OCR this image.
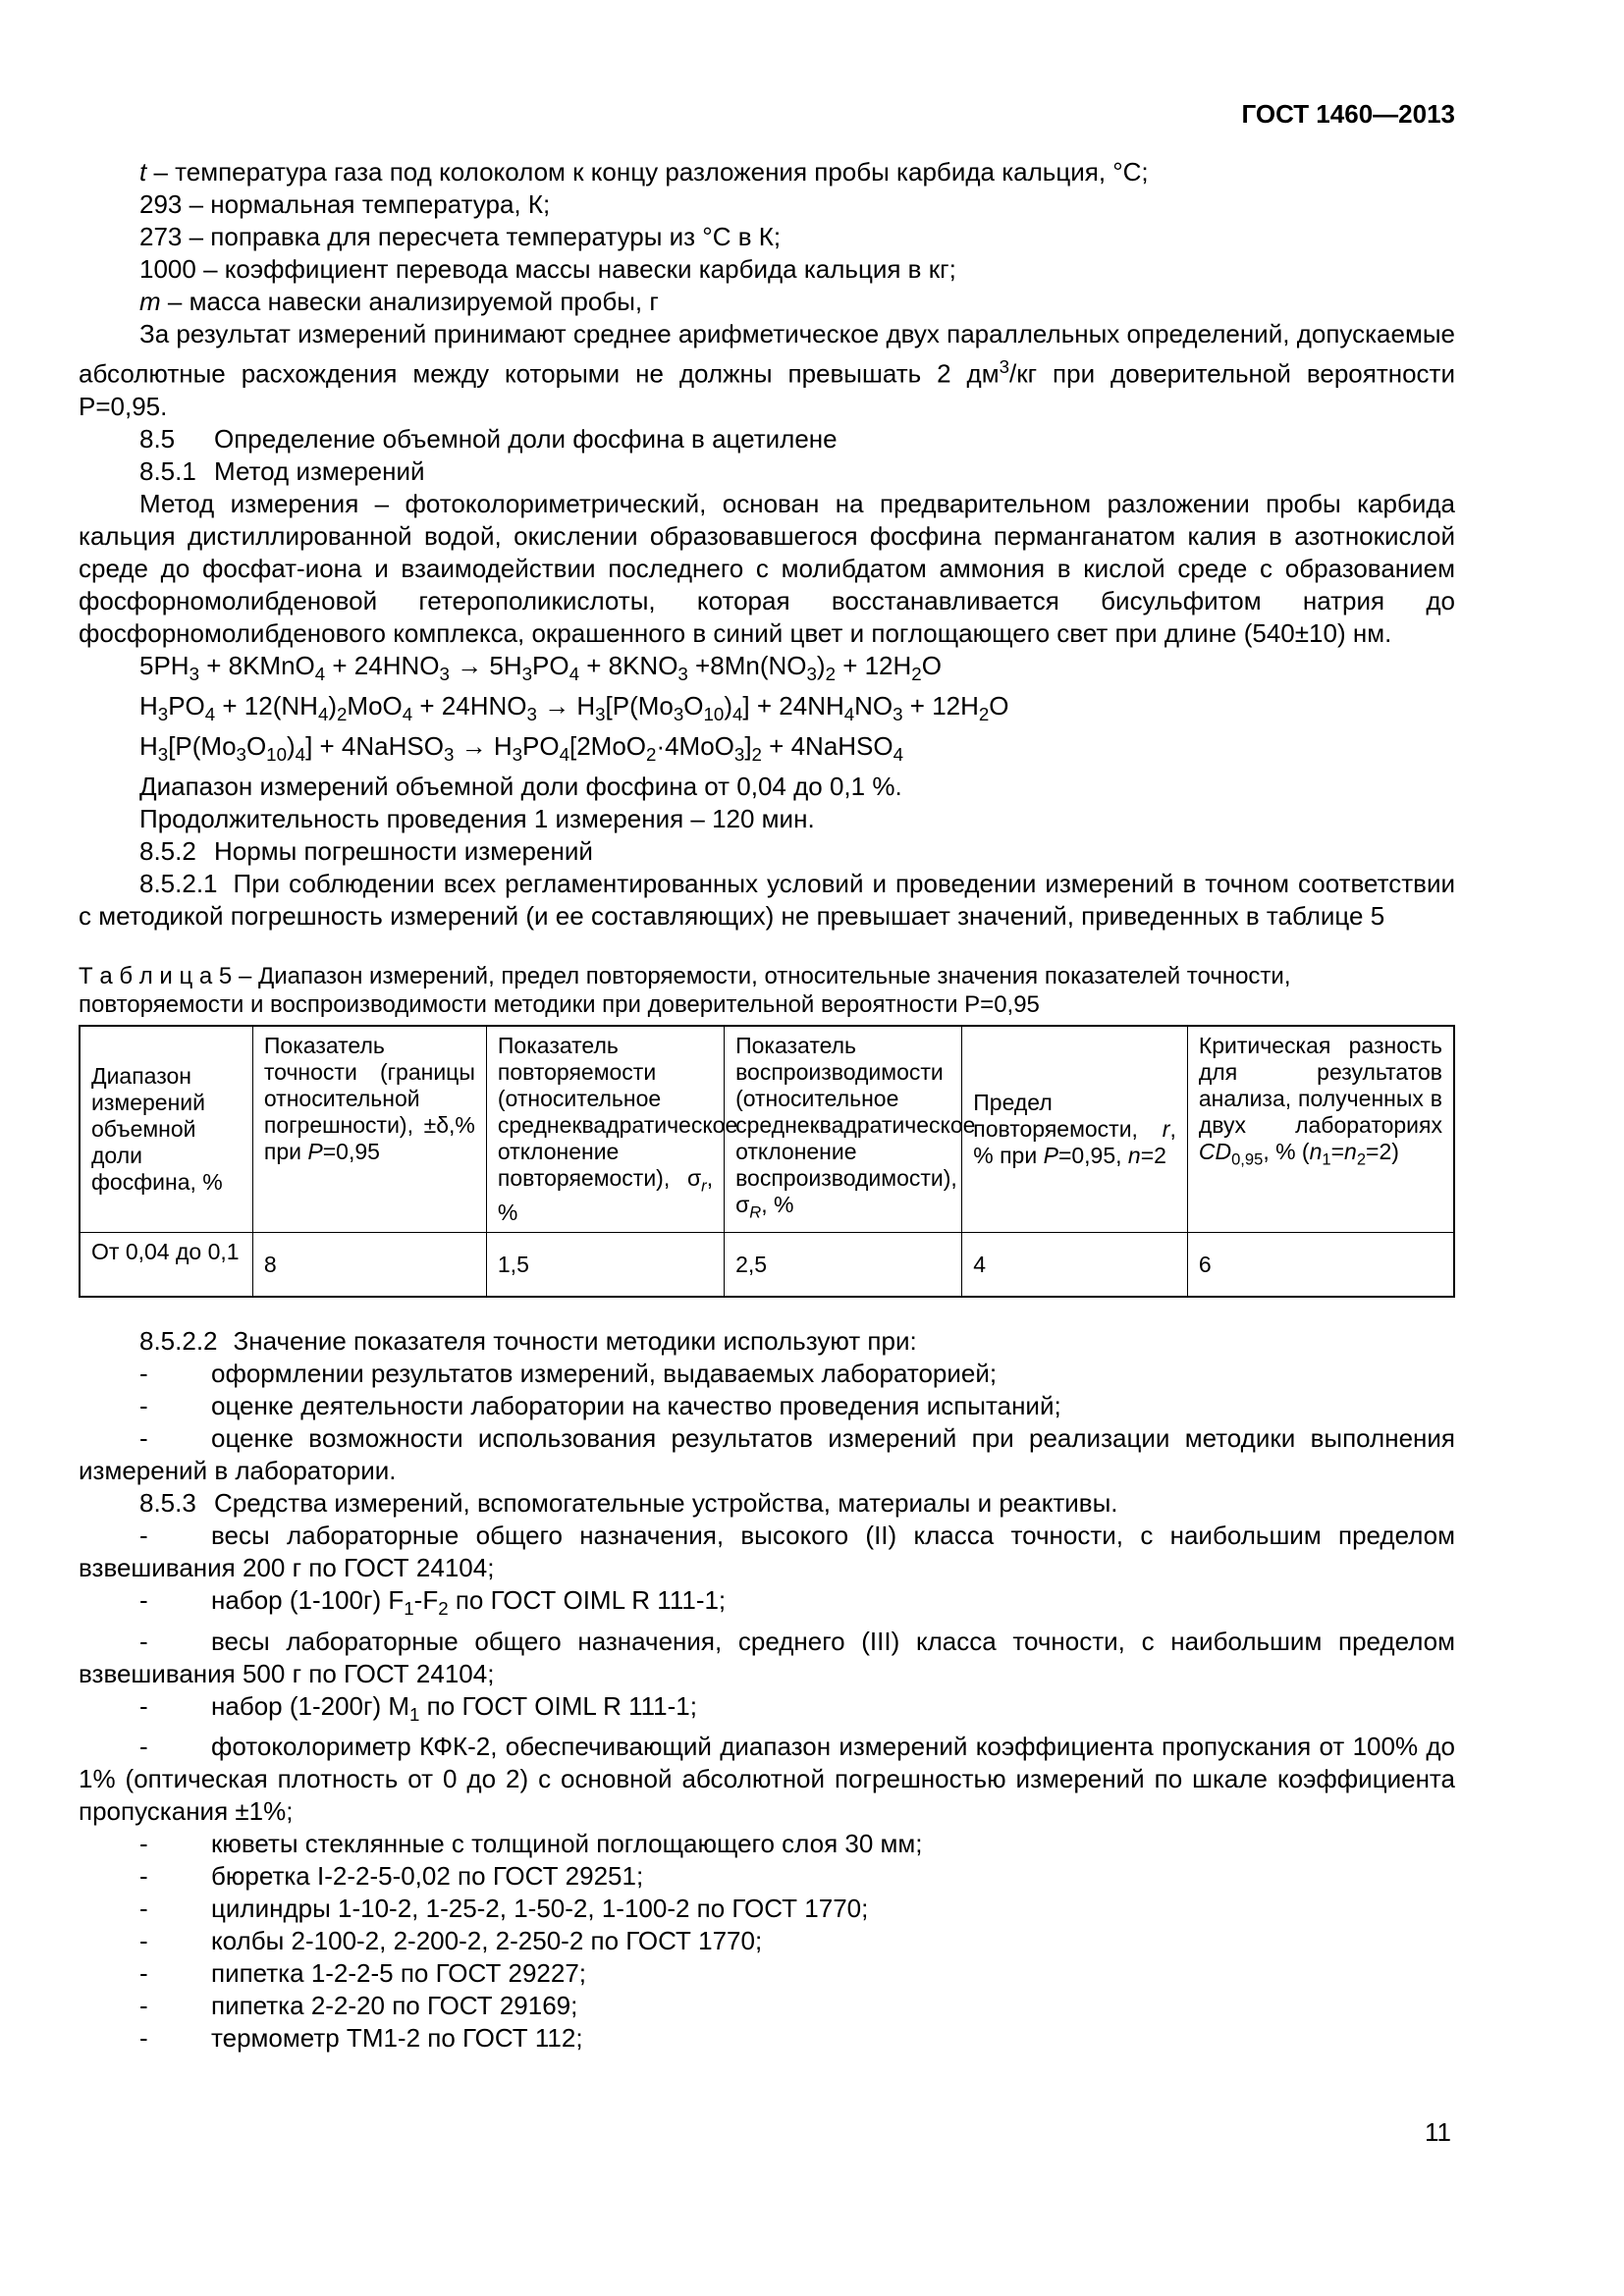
ГОСТ 1460—2013

t – температура газа под колоколом к концу разложения пробы карбида кальция, °С;

293 – нормальная температура, К;

273 – поправка для пересчета температуры из °С в К;

1000 – коэффициент перевода массы навески карбида кальция в кг;

m – масса навески анализируемой пробы, г

За результат измерений принимают среднее арифметическое двух параллельных определений, допускаемые абсолютные расхождения между которыми не должны превышать 2 $дм^3/кг$ при доверительной вероятности Р=0,95.

8.5 Определение объемной доли фосфина в ацетилене

8.5.1 Метод измерений

Метод измерения – фотоколориметрический, основан на предварительном разложении пробы карбида кальция дистиллированной водой, окислении образовавшегося фосфина перманганатом калия в азотнокислой среде до фосфат-иона и взаимодействии последнего с молибдатом аммония в кислой среде с образованием фосфорномолибденовой гетерополикислоты, которая восстанавливается бисульфитом натрия до фосфорномолибденового комплекса, окрашенного в синий цвет и поглощающего свет при длине (540±10) нм.

$5PH_3$ + 8KMnO$_4$ + $24HNO_3 \to 5H_3PO_4 + 8KNO_3 +8Mn(NO_3)_2 + 12H_2O$

$H_3PO_4 + 12(NH_4)_2MoO_4 + 24HNO_3 \to H_3[P(Mo_3O_{10})_4] + 24NH_4NO_3 + 12H_2O$

$H_3[P(Mo_3O_{10})_4]$ + 4NaHSO$_3$ → $H_3PO_4[2MoO_2\cdot 4MoO_3]_2$ + 4NaHSO$_4$

Диапазон измерений объемной доли фосфина от 0,04 до 0,1 %.

Продолжительность проведения 1 измерения – 120 мин.

8.5.2 Нормы погрешности измерений

8.5.2.1 При соблюдении всех регламентированных условий и проведении измерений в точном соответствии с методикой погрешность измерений (и ее составляющих) не превышает значений, приведенных в таблице 5

Т а б л и ц а 5 – Диапазон измерений, предел повторяемости, относительные значения показателей точности, повторяемости и воспроизводимости методики при доверительной вероятности Р=0,95

Диапазон измерений объемной доли фосфина, %	Показатель точности (границы относительной погрешности), ±δ,% при Р=0,95	Показатель повторяемости (относительное среднеквадратическое отклонение повторяемости), $\sigma_r$, %	Показатель воспроизводимости (относительное среднеквадратическое отклонение воспроизводимости), $\sigma_R$, %	Предел повторяемости, r, % при Р=0,95, n=2	Критическая разность для результатов анализа, полученных в двух лабораториях $CD_{0,95}$, % $(n_1=n_2=2)$
От 0,04 до 0,1	8	1,5	2,5	4	6

8.5.2.2 Значение показателя точности методики используют при:

- оформлении результатов измерений, выдаваемых лабораторией;

- оценке деятельности лаборатории на качество проведения испытаний;

- оценке возможности использования результатов измерений при реализации методики выполнения измерений в лаборатории.

8.5.3 Средства измерений, вспомогательные устройства, материалы и реактивы.

- весы лабораторные общего назначения, высокого (II) класса точности, с наибольшим пределом взвешивания 200 г по ГОСТ 24104;

- набор (1-100г) $F_1-F_2$ по ГОСТ OIML R 111-1;

- весы лабораторные общего назначения, среднего (III) класса точности, с наибольшим пределом взвешивания 500 г по ГОСТ 24104;

- набор (1-200г) $М_1$ по ГОСТ OIML R 111-1;

- фотоколориметр КФК-2, обеспечивающий диапазон измерений коэффициента пропускания от 100% до 1% (оптическая плотность от 0 до 2) с основной абсолютной погрешностью измерений по шкале коэффициента пропускания ±1%;

- кюветы стеклянные с толщиной поглощающего слоя 30 мм;

- бюретка I-2-2-5-0,02 по ГОСТ 29251;

- цилиндры 1-10-2, 1-25-2, 1-50-2, 1-100-2 по ГОСТ 1770;

- колбы 2-100-2, 2-200-2, 2-250-2 по ГОСТ 1770;

- пипетка 1-2-2-5 по ГОСТ 29227;

- пипетка 2-2-20 по ГОСТ 29169;

- термометр ТМ1-2 по ГОСТ 112;

11
